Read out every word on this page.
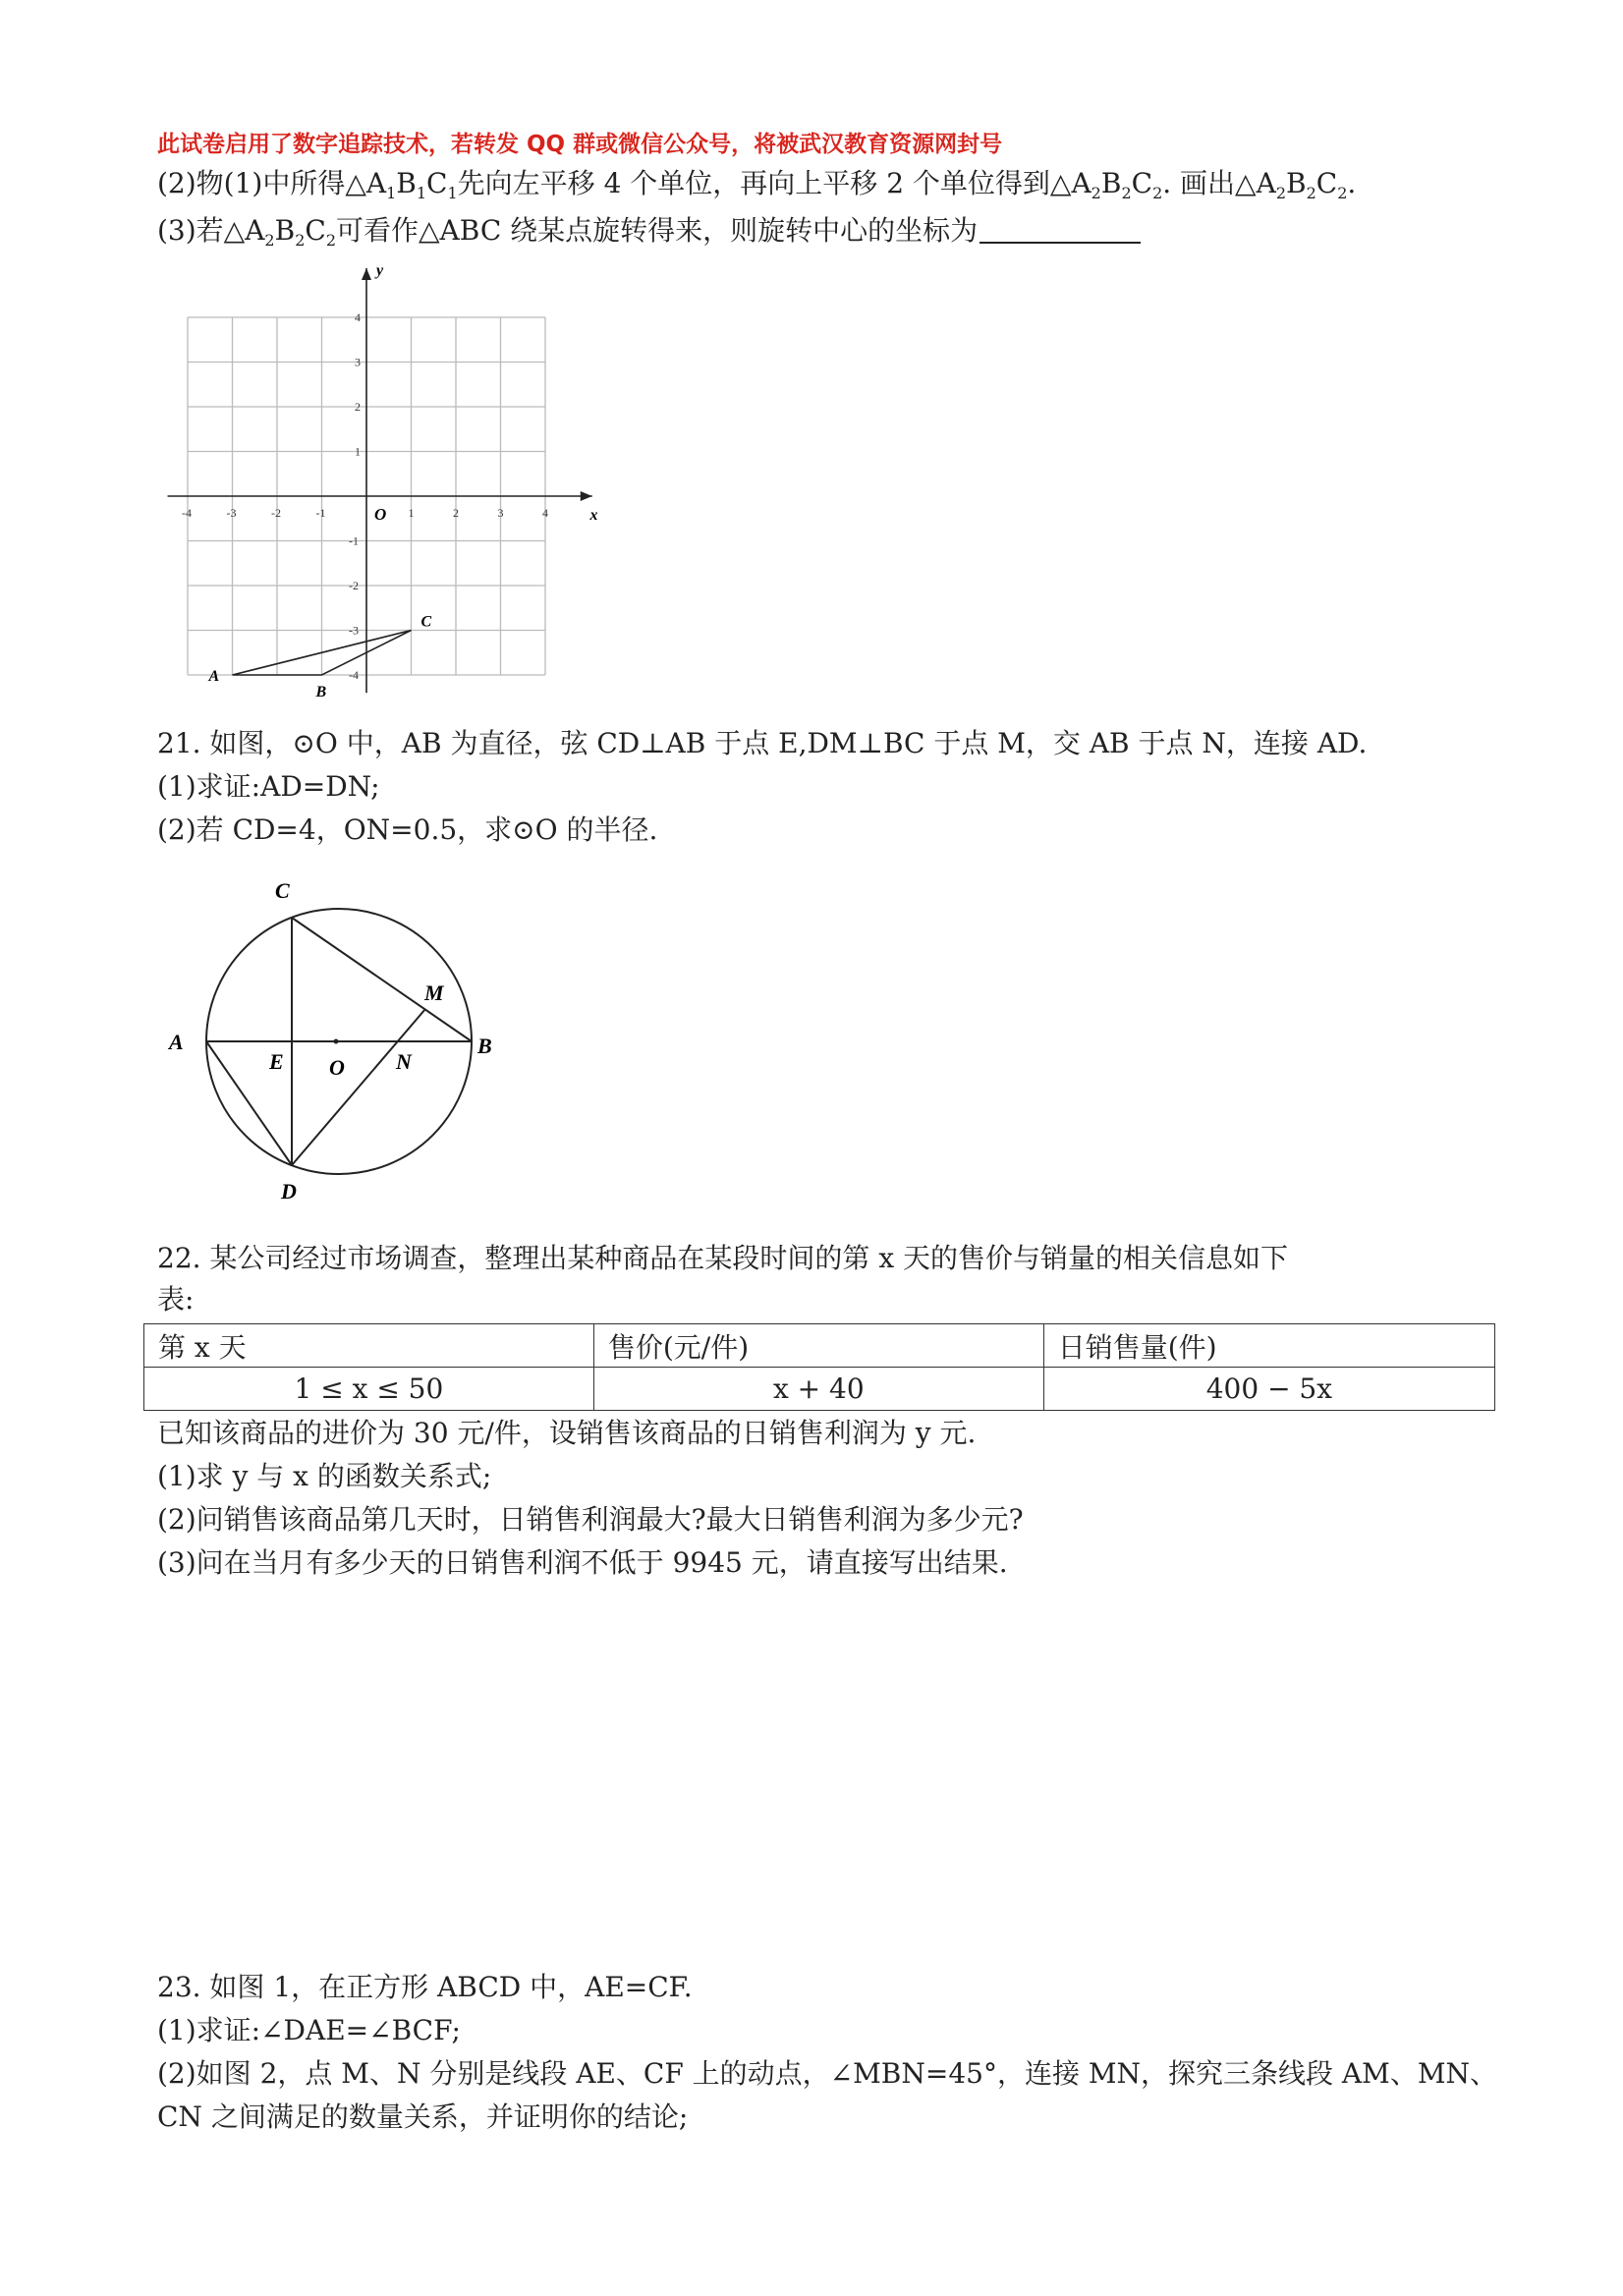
此试卷启用了数字追踪技术，若转发 QQ 群或微信公众号，将被武汉教育资源网封号
(2)物(1)中所得$\triangle A_1B_1C_1$先向左平移 4 个单位，再向上平移 2 个单位得到$\triangle A_2B_2C_2$. 画出$\triangle A_2B_2C_2$.
(3)若$\triangle A_2B_2C_2$可看作△ABC 绕某点旋转得来，则旋转中心的坐标为
-4	-3	-2	-1	1	2	3	4
4
3
2
1
-1
-2
-3
-4
x
y
O
A
B
C
21. 如图，⊙O 中，AB 为直径，弦 CD⊥AB 于点 E,DM⊥BC 于点 M，交 AB 于点 N，连接 AD.
(1)求证:AD=DN;
(2)若 CD=4，ON=0.5，求⊙O 的半径.
C
M
A
E O N
B
D
22. 某公司经过市场调查，整理出某种商品在某段时间的第 x 天的售价与销量的相关信息如下
表:
第 x 天	售价(元/件)	日销售量(件)
1 ≤ x ≤ 50	x + 40	400 − 5x
已知该商品的进价为 30 元/件，设销售该商品的日销售利润为 y 元.
(1)求 y 与 x 的函数关系式;
(2)问销售该商品第几天时，日销售利润最大?最大日销售利润为多少元?
(3)问在当月有多少天的日销售利润不低于 9945 元，请直接写出结果.
23. 如图 1，在正方形 ABCD 中，AE=CF.
(1)求证:∠DAE=∠BCF;
(2)如图 2，点 M、N 分别是线段 AE、CF 上的动点，∠MBN=45°，连接 MN，探究三条线段 AM、MN、
CN 之间满足的数量关系，并证明你的结论;
